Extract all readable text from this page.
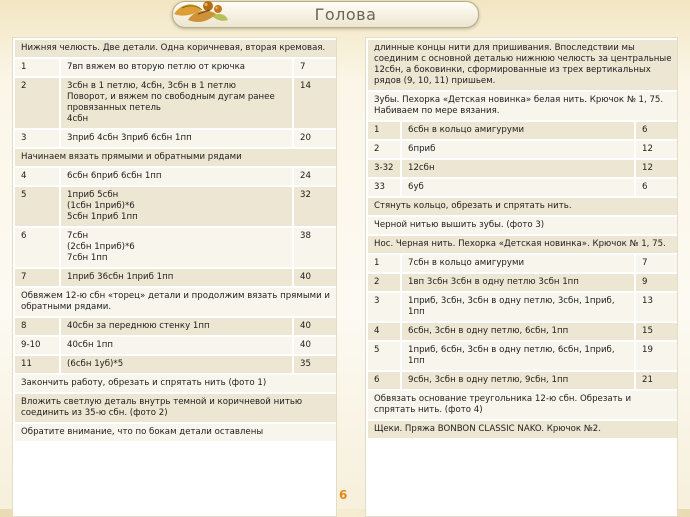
Голова
Нижняя челюсть. Две детали. Одна коричневая, вторая кремовая.		
1	7вп вяжем во вторую петлю от крючка	7
2	3сбн в 1 петлю, 4сбн, 3сбн в 1 петлю
Поворот, и вяжем по свободным дугам ранее провязанных петель
4сбн	14
3	3приб 4сбн 3приб 6сбн 1пп	20
Начинаем вязать прямыми и обратными рядами		
4	6сбн 6приб 6сбн 1пп	24
5	1приб 5сбн
(1сбн 1приб)*6
5сбн 1приб 1пп	32
6	7сбн
(2сбн 1приб)*6
7сбн 1пп	38
7	1приб 36сбн 1приб 1пп	40
Обвяжем 12-ю сбн «торец» детали и продолжим вязать прямыми и обратными рядами.		
8	40сбн за переднюю стенку 1пп	40
9-10	40сбн 1пп	40
11	(6сбн 1уб)*5	35
Закончить работу, обрезать и спрятать нить (фото 1)		
Вложить светлую деталь внутрь темной и коричневой нитью соединить из 35-ю сбн. (фото 2)		
Обратите внимание, что по бокам детали оставлены		
длинные концы нити для пришивания. Впоследствии мы соединим с основной деталью нижнюю челюсть за центральные 12сбн, а боковинки, сформированные из трех вертикальных рядов (9, 10, 11) пришьем.		
Зубы. Пехорка «Детская новинка» белая нить. Крючок № 1, 75. Набиваем по мере вязания.		
1	6сбн в кольцо амигуруми	6
2	6приб	12
3-32	12сбн	12
33	6уб	6
Стянуть кольцо, обрезать и спрятать нить.		
Черной нитью вышить зубы. (фото 3)		
Нос. Черная нить. Пехорка «Детская новинка». Крючок № 1, 75.		
1	7сбн в кольцо амигуруми	7
2	1вп 3сбн 3сбн в одну петлю 3сбн 1пп	9
3	1приб, 3сбн, 3сбн в одну петлю, 3сбн, 1приб, 1пп	13
4	6сбн, 3сбн в одну петлю, 6сбн, 1пп	15
5	1приб, 6сбн, 3сбн в одну петлю, 6сбн, 1приб, 1пп	19
6	9сбн, 3сбн в одну петлю, 9сбн, 1пп	21
Обвязать основание треугольника 12-ю сбн. Обрезать и спрятать нить. (фото 4)		
Щеки. Пряжа BONBON CLASSIC NAKO. Крючок №2.		
6
